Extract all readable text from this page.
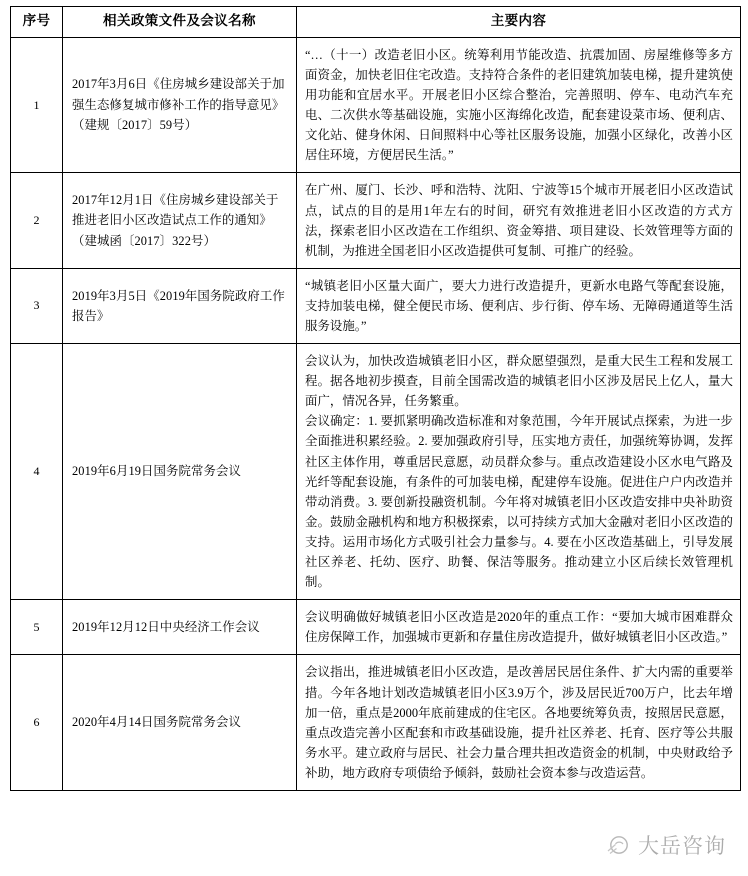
序号	相关政策文件及会议名称	主要内容
1	2017年3月6日《住房城乡建设部关于加强生态修复城市修补工作的指导意见》（建规〔2017〕59号）	“…（十一）改造老旧小区。统筹利用节能改造、抗震加固、房屋维修等多方面资金，加快老旧住宅改造。支持符合条件的老旧建筑加装电梯，提升建筑使用功能和宜居水平。开展老旧小区综合整治，完善照明、停车、电动汽车充电、二次供水等基础设施，实施小区海绵化改造，配套建设菜市场、便利店、文化站、健身休闲、日间照料中心等社区服务设施，加强小区绿化，改善小区居住环境，方便居民生活。”
2	2017年12月1日《住房城乡建设部关于推进老旧小区改造试点工作的通知》（建城函〔2017〕322号）	在广州、厦门、长沙、呼和浩特、沈阳、宁波等15个城市开展老旧小区改造试点，试点的目的是用1年左右的时间，研究有效推进老旧小区改造的方式方法，探索老旧小区改造在工作组织、资金筹措、项目建设、长效管理等方面的机制，为推进全国老旧小区改造提供可复制、可推广的经验。
3	2019年3月5日《2019年国务院政府工作报告》	“城镇老旧小区量大面广，要大力进行改造提升，更新水电路气等配套设施，支持加装电梯，健全便民市场、便利店、步行街、停车场、无障碍通道等生活服务设施。”
4	2019年6月19日国务院常务会议	会议认为，加快改造城镇老旧小区，群众愿望强烈，是重大民生工程和发展工程。据各地初步摸查，目前全国需改造的城镇老旧小区涉及居民上亿人，量大面广，情况各异，任务繁重。

会议确定：1. 要抓紧明确改造标准和对象范围，今年开展试点探索，为进一步全面推进积累经验。2. 要加强政府引导，压实地方责任，加强统筹协调，发挥社区主体作用，尊重居民意愿，动员群众参与。重点改造建设小区水电气路及光纤等配套设施，有条件的可加装电梯，配建停车设施。促进住户户内改造并带动消费。3. 要创新投融资机制。今年将对城镇老旧小区改造安排中央补助资金。鼓励金融机构和地方积极探索，以可持续方式加大金融对老旧小区改造的支持。运用市场化方式吸引社会力量参与。4. 要在小区改造基础上，引导发展社区养老、托幼、医疗、助餐、保洁等服务。推动建立小区后续长效管理机制。

5	2019年12月12日中央经济工作会议	会议明确做好城镇老旧小区改造是2020年的重点工作：“要加大城市困难群众住房保障工作，加强城市更新和存量住房改造提升，做好城镇老旧小区改造。”
6	2020年4月14日国务院常务会议	会议指出，推进城镇老旧小区改造，是改善居民居住条件、扩大内需的重要举措。今年各地计划改造城镇老旧小区3.9万个，涉及居民近700万户，比去年增加一倍，重点是2000年底前建成的住宅区。各地要统筹负责，按照居民意愿，重点改造完善小区配套和市政基础设施，提升社区养老、托育、医疗等公共服务水平。建立政府与居民、社会力量合理共担改造资金的机制，中央财政给予补助，地方政府专项债给予倾斜，鼓励社会资本参与改造运营。
大岳咨询
